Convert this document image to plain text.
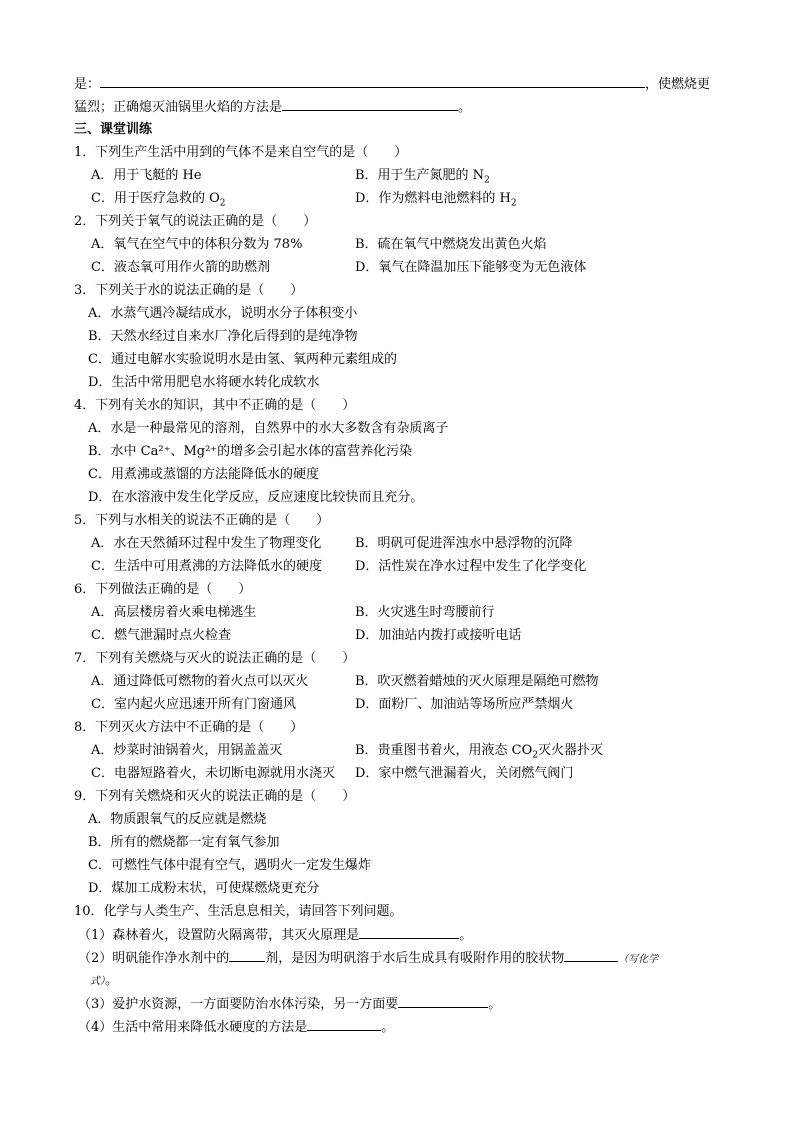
是：	，使燃烧更
猛烈；正确熄灭油锅里火焰的方法是	。
三、课堂训练
1．下列生产生活中用到的气体不是来自空气的是（　　）
A．用于飞艇的 He	B．用于生产氮肥的 $N_2$
C．用于医疗急救的 $O_2$	D．作为燃料电池燃料的 $H_2$
2．下列关于氧气的说法正确的是（　　）
A．氧气在空气中的体积分数为 78%	B．硫在氧气中燃烧发出黄色火焰
C．液态氧可用作火箭的助燃剂	D．氧气在降温加压下能够变为无色液体
3．下列关于水的说法正确的是（　　）
A．水蒸气遇冷凝结成水，说明水分子体积变小
B．天然水经过自来水厂净化后得到的是纯净物
C．通过电解水实验说明水是由氢、氧两种元素组成的
D．生活中常用肥皂水将硬水转化成软水
4．下列有关水的知识，其中不正确的是（　　）
A．水是一种最常见的溶剂，自然界中的水大多数含有杂质离子
B．水中 Ca²⁺、Mg²⁺的增多会引起水体的富营养化污染
C．用煮沸或蒸馏的方法能降低水的硬度
D．在水溶液中发生化学反应，反应速度比较快而且充分。
5．下列与水相关的说法不正确的是（　　）
A．水在天然循环过程中发生了物理变化	B．明矾可促进浑浊水中悬浮物的沉降
C．生活中可用煮沸的方法降低水的硬度	D．活性炭在净水过程中发生了化学变化
6．下列做法正确的是（　　）
A．高层楼房着火乘电梯逃生	B．火灾逃生时弯腰前行
C．燃气泄漏时点火检查	D．加油站内拨打或接听电话
7．下列有关燃烧与灭火的说法正确的是（　　）
A．通过降低可燃物的着火点可以灭火	B．吹灭燃着蜡烛的灭火原理是隔绝可燃物
C．室内起火应迅速开所有门窗通风	D．面粉厂、加油站等场所应严禁烟火
8．下列灭火方法中不正确的是（　　）
A．炒菜时油锅着火，用锅盖盖灭	B．贵重图书着火，用液态 $CO_2$灭火器扑灭
C．电器短路着火，未切断电源就用水浇灭 D．家中燃气泄漏着火，关闭燃气阀门
9．下列有关燃烧和灭火的说法正确的是（　　）
A．物质跟氧气的反应就是燃烧
B．所有的燃烧都一定有氧气参加
C．可燃性气体中混有空气，遇明火一定发生爆炸
D．煤加工成粉末状，可使煤燃烧更充分
10．化学与人类生产、生活息息相关，请回答下列问题。
（1）森林着火，设置防火隔离带，其灭火原理是	。
（2）明矾能作净水剂中的	剂，是因为明矾溶于水后生成具有吸附作用的胶状物	（写化学
式）。
（3）爱护水资源，一方面要防治水体污染，另一方面要	。
（4）生活中常用来降低水硬度的方法是	。
